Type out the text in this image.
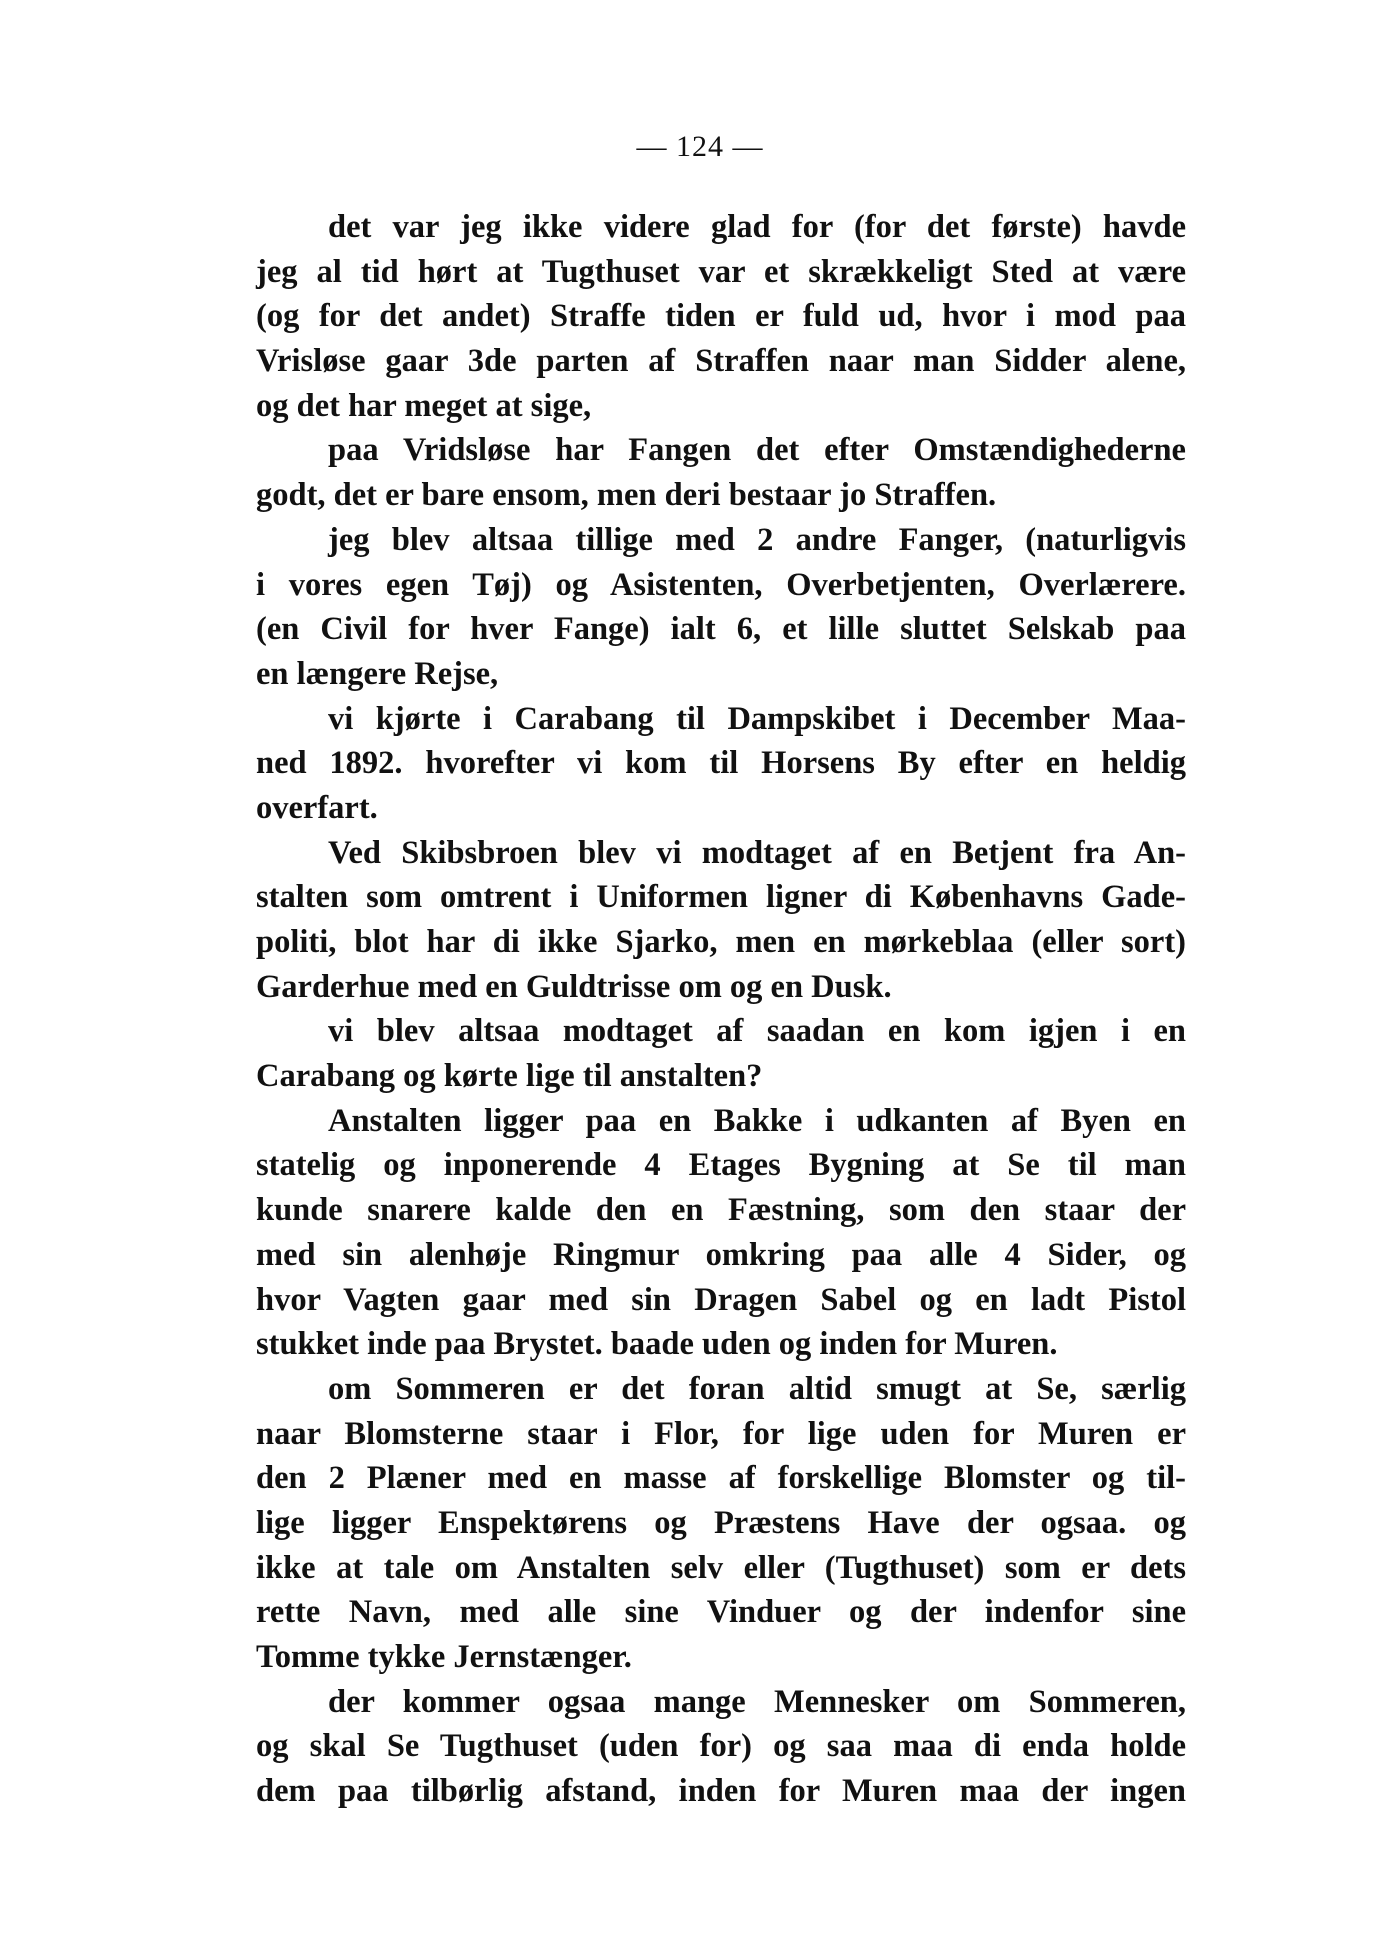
— 124 —
det var jeg ikke videre glad for (for det første) havde
jeg al tid hørt at Tugthuset var et skrækkeligt Sted at være
(og for det andet) Straffe tiden er fuld ud, hvor i mod paa
Vrisløse gaar 3de parten af Straffen naar man Sidder alene,
og det har meget at sige,
paa Vridsløse har Fangen det efter Omstændighederne
godt, det er bare ensom, men deri bestaar jo Straffen.
jeg blev altsaa tillige med 2 andre Fanger, (naturligvis
i vores egen Tøj) og Asistenten, Overbetjenten, Overlærere.
(en Civil for hver Fange) ialt 6, et lille sluttet Selskab paa
en længere Rejse,
vi kjørte i Carabang til Dampskibet i December Maa-
ned 1892. hvorefter vi kom til Horsens By efter en heldig
overfart.
Ved Skibsbroen blev vi modtaget af en Betjent fra An-
stalten som omtrent i Uniformen ligner di Københavns Gade-
politi, blot har di ikke Sjarko, men en mørkeblaa (eller sort)
Garderhue med en Guldtrisse om og en Dusk.
vi blev altsaa modtaget af saadan en kom igjen i en
Carabang og kørte lige til anstalten?
Anstalten ligger paa en Bakke i udkanten af Byen en
statelig og inponerende 4 Etages Bygning at Se til man
kunde snarere kalde den en Fæstning, som den staar der
med sin alenhøje Ringmur omkring paa alle 4 Sider, og
hvor Vagten gaar med sin Dragen Sabel og en ladt Pistol
stukket inde paa Brystet. baade uden og inden for Muren.
om Sommeren er det foran altid smugt at Se, særlig
naar Blomsterne staar i Flor, for lige uden for Muren er
den 2 Plæner med en masse af forskellige Blomster og til-
lige ligger Enspektørens og Præstens Have der ogsaa. og
ikke at tale om Anstalten selv eller (Tugthuset) som er dets
rette Navn, med alle sine Vinduer og der indenfor sine
Tomme tykke Jernstænger.
der kommer ogsaa mange Mennesker om Sommeren,
og skal Se Tugthuset (uden for) og saa maa di enda holde
dem paa tilbørlig afstand, inden for Muren maa der ingen
